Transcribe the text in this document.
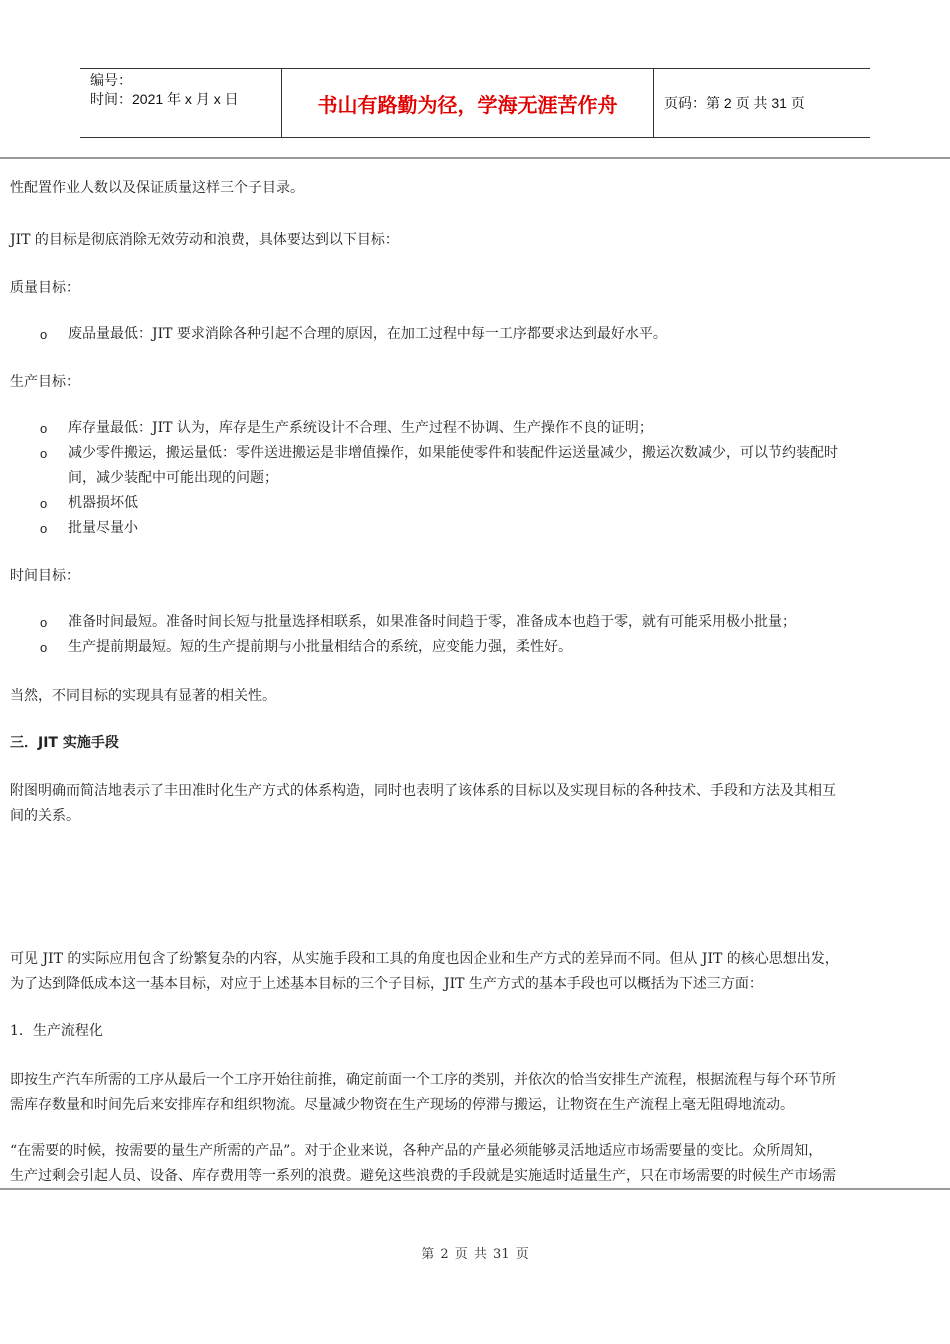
编号：
时间：2021 年 x 月 x 日	书山有路勤为径，学海无涯苦作舟	页码：第 2 页 共 31 页
性配置作业人数以及保证质量这样三个子目录。
JIT 的目标是彻底消除无效劳动和浪费，具体要达到以下目标：
质量目标：
o 废品量最低：JIT 要求消除各种引起不合理的原因，在加工过程中每一工序都要求达到最好水平。
生产目标：
o 库存量最低：JIT 认为，库存是生产系统设计不合理、生产过程不协调、生产操作不良的证明；
o 减少零件搬运，搬运量低：零件送进搬运是非增值操作，如果能使零件和装配件运送量减少，搬运次数减少，可以节约装配时
间，减少装配中可能出现的问题；
o 机器损坏低
o 批量尽量小
时间目标：
o 准备时间最短。准备时间长短与批量选择相联系，如果准备时间趋于零，准备成本也趋于零，就有可能采用极小批量；
o 生产提前期最短。短的生产提前期与小批量相结合的系统，应变能力强，柔性好。
当然，不同目标的实现具有显著的相关性。
三．JIT 实施手段
附图明确而简洁地表示了丰田准时化生产方式的体系构造，同时也表明了该体系的目标以及实现目标的各种技术、手段和方法及其相互
间的关系。
可见 JIT 的实际应用包含了纷繁复杂的内容，从实施手段和工具的角度也因企业和生产方式的差异而不同。但从 JIT 的核心思想出发，
为了达到降低成本这一基本目标，对应于上述基本目标的三个子目标，JIT 生产方式的基本手段也可以概括为下述三方面：
1．生产流程化
即按生产汽车所需的工序从最后一个工序开始往前推，确定前面一个工序的类别，并依次的恰当安排生产流程，根据流程与每个环节所
需库存数量和时间先后来安排库存和组织物流。尽量减少物资在生产现场的停滞与搬运，让物资在生产流程上毫无阻碍地流动。
“在需要的时候，按需要的量生产所需的产品”。对于企业来说，各种产品的产量必须能够灵活地适应市场需要量的变比。众所周知，
生产过剩会引起人员、设备、库存费用等一系列的浪费。避免这些浪费的手段就是实施适时适量生产，只在市场需要的时候生产市场需
第 2 页 共 31 页
